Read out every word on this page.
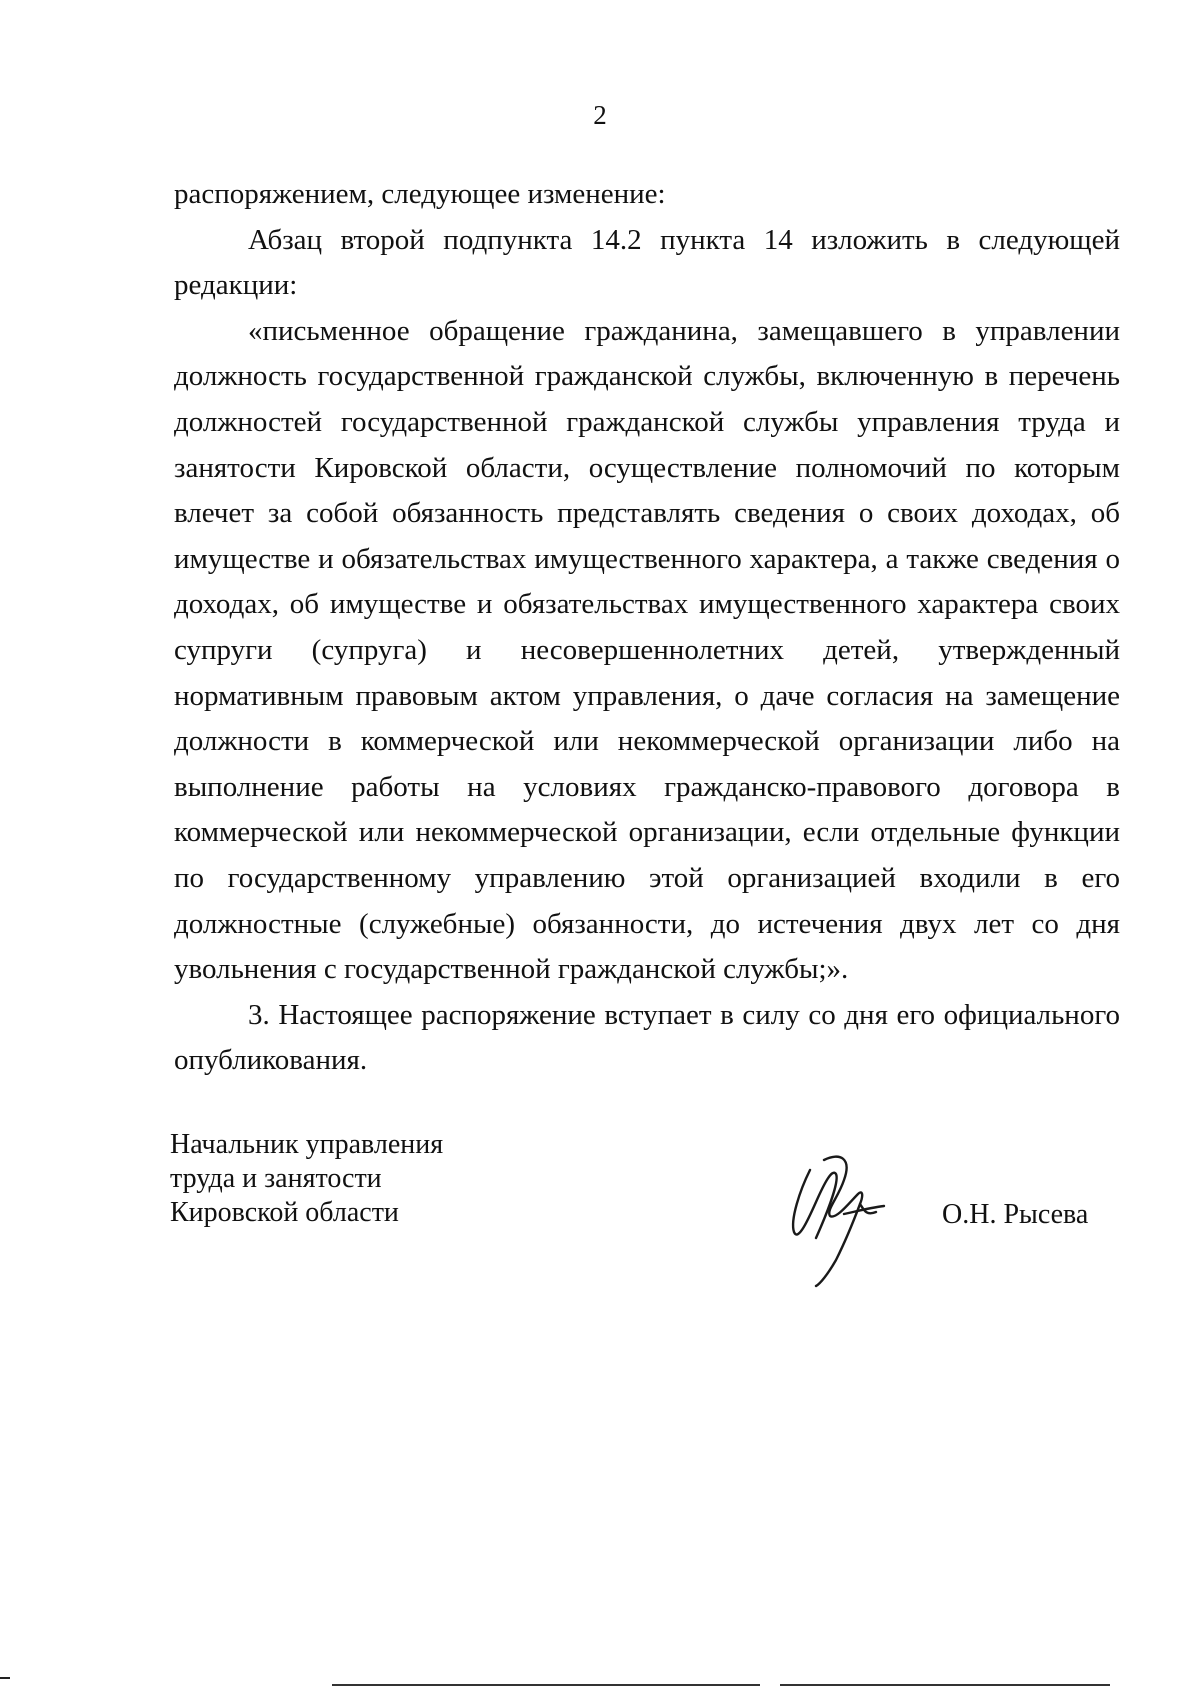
2

распоряжением, следующее изменение:

Абзац второй подпункта 14.2 пункта 14 изложить в следующей редакции:

«письменное обращение гражданина, замещавшего в управлении должность государственной гражданской службы, включенную в перечень должностей государственной гражданской службы управления труда и занятости Кировской области, осуществление полномочий по которым влечет за собой обязанность представлять сведения о своих доходах, об имуществе и обязательствах имущественного характера, а также сведения о доходах, об имуществе и обязательствах имущественного характера своих супруги (супруга) и несовершеннолетних детей, утвержденный нормативным правовым актом управления, о даче согласия на замещение должности в коммерческой или некоммерческой организации либо на выполнение работы на условиях гражданско-правового договора в коммерческой или некоммерческой организации, если отдельные функции по государственному управлению этой организацией входили в его должностные (служебные) обязанности, до истечения двух лет со дня увольнения с государственной гражданской службы;».

3. Настоящее распоряжение вступает в силу со дня его официального опубликования.

Начальник управления
труда и занятости
Кировской области	О.Н. Рысева
